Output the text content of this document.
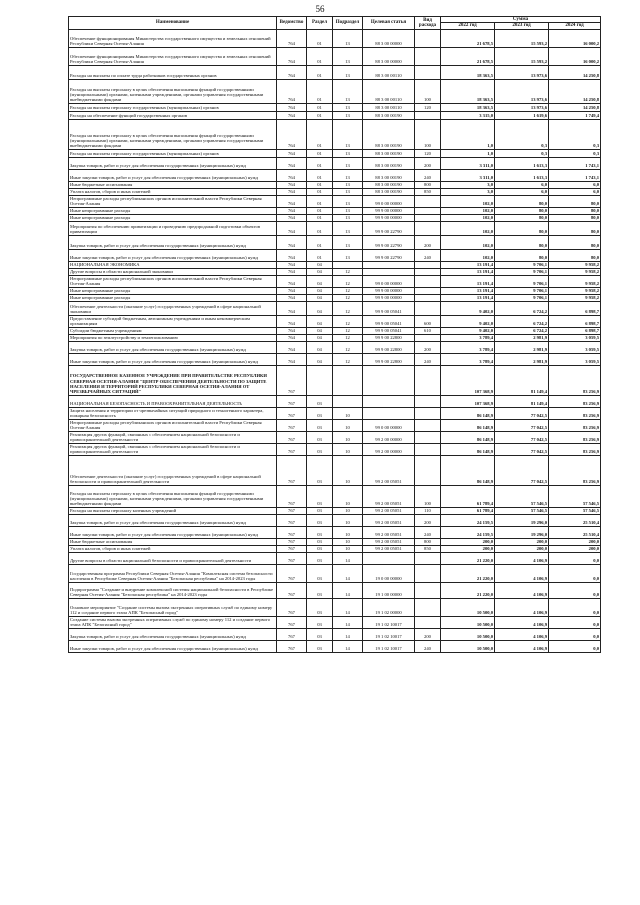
56
Наименование	Ведомство	Раздел	Подраздел	Целевая статья	Вид расхода	Сумма		
						2022 год	2023 год	2024 год
Обеспечение функционирования Министерства государственного имущества и земельных отношений Республики Северная Осетия-Алания	764	01	13	88 3 00 00000		21 678,5	15 593,2	16 000,2
Обеспечение функционирования Министерства государственного имущества и земельных отношений Республики Северная Осетия-Алания	764	01	13	88 3 00 00000		21 678,5	15 593,2	16 000,2
Расходы на выплаты по оплате труда работников государственных органов	764	01	13	88 3 00 00110		18 363,5	13 973,6	14 250,8
Расходы на выплаты персоналу в целях обеспечения выполнения функций государственными (муниципальными) органами, казенными учреждениями, органами управления государственными внебюджетными фондами	764	01	13	88 3 00 00110	100	18 363,5	13 973,6	14 250,8
Расходы на выплаты персоналу государственных (муниципальных) органов	764	01	13	88 3 00 00110	120	18 363,5	13 973,6	14 250,8
Расходы на обеспечение функций государственных органов	764	01	13	88 3 00 00190		3 315,0	1 619,6	1 749,4
Расходы на выплаты персоналу в целях обеспечения выполнения функций государственными (муниципальными) органами, казенными учреждениями, органами управления государственными внебюджетными фондами	764	01	13	88 3 00 00190	100	1,0	0,3	0,3
Расходы на выплаты персоналу государственных (муниципальных) органов	764	01	13	88 3 00 00190	120	1,0	0,3	0,3
Закупка товаров, работ и услуг для обеспечения государственных (муниципальных) нужд	764	01	13	88 3 00 00190	200	3 311,0	1 613,3	1 743,1
Иные закупки товаров, работ и услуг для обеспечения государственных (муниципальных) нужд	764	01	13	88 3 00 00190	240	3 311,0	1 613,3	1 743,1
Иные бюджетные ассигнования	764	01	13	88 3 00 00190	800	3,0	6,0	6,0
Уплата налогов, сборов и иных платежей	764	01	13	88 3 00 00190	850	3,0	6,0	6,0
Непрограммные расходы республиканских органов исполнительной власти Республики Северная Осетия-Алания	764	01	13	99 0 00 00000		102,0	80,0	80,0
Иные непрограммные расходы	764	01	13	99 9 00 00000		102,0	80,0	80,0
Иные непрограммные расходы	764	01	13	99 9 00 00000		102,0	80,0	80,0
Мероприятия по обеспечению приватизации и проведению предпродажной подготовки объектов приватизации	764	01	13	99 9 00 22790		102,0	80,0	80,0
Закупка товаров, работ и услуг для обеспечения государственных (муниципальных) нужд	764	01	13	99 9 00 22790	200	102,0	80,0	80,0
Иные закупки товаров, работ и услуг для обеспечения государственных (муниципальных) нужд	764	01	13	99 9 00 22790	240	102,0	80,0	80,0
НАЦИОНАЛЬНАЯ ЭКОНОМИКА	764	04				13 191,4	9 706,1	9 958,2
Другие вопросы в области национальной экономики	764	04	12			13 191,4	9 706,1	9 958,2
Непрограммные расходы республиканских органов исполнительной власти Республики Северная Осетия-Алания	764	04	12	99 0 00 00000		13 191,4	9 706,1	9 958,2
Иные непрограммные расходы	764	04	12	99 9 00 00000		13 191,4	9 706,1	9 958,2
Иные непрограммные расходы	764	04	12	99 9 00 00000		13 191,4	9 706,1	9 958,2
Обеспечение деятельности (оказание услуг) государственных учреждений в сфере национальной экономики	764	04	12	99 9 00 05041		9 402,0	6 724,2	6 898,7
Предоставление субсидий бюджетным, автономным учреждениям и иным некоммерческим организациям	764	04	12	99 9 00 05041	600	9 402,0	6 724,2	6 898,7
Субсидии бюджетным учреждениям	764	04	12	99 9 00 05041	610	9 402,0	6 724,2	6 898,7
Мероприятия по землеустройству и землепользованию	764	04	12	99 9 00 22800		3 789,4	2 981,9	3 059,5
Закупка товаров, работ и услуг для обеспечения государственных (муниципальных) нужд	764	04	12	99 9 00 22800	200	3 789,4	2 981,9	3 059,5
Иные закупки товаров, работ и услуг для обеспечения государственных (муниципальных) нужд	764	04	12	99 9 00 22800	240	3 789,4	2 981,9	3 059,5
ГОСУДАРСТВЕННОЕ КАЗЕННОЕ УЧРЕЖДЕНИЕ ПРИ ПРАВИТЕЛЬСТВЕ РЕСПУБЛИКИ СЕВЕРНАЯ ОСЕТИЯ-АЛАНИЯ "ЦЕНТР ОБЕСПЕЧЕНИЯ ДЕЯТЕЛЬНОСТИ ПО ЗАЩИТЕ НАСЕЛЕНИЯ И ТЕРРИТОРИЙ РЕСПУБЛИКИ СЕВЕРНАЯ ОСЕТИЯ-АЛАНИЯ ОТ ЧРЕЗВЫЧАЙНЫХ СИТУАЦИЙ"	767					107 368,9	81 149,4	83 256,9
НАЦИОНАЛЬНАЯ БЕЗОПАСНОСТЬ И ПРАВООХРАНИТЕЛЬНАЯ ДЕЯТЕЛЬНОСТЬ	767	03				107 368,9	81 149,4	83 256,9
Защита населения и территории от чрезвычайных ситуаций природного и техногенного характера, пожарная безопасность	767	03	10			86 148,9	77 042,5	83 256,9
Непрограммные расходы республиканских органов исполнительной власти Республики Северная Осетия-Алания	767	03	10	99 0 00 00000		86 148,9	77 042,5	83 256,9
Реализация других функций, связанных с обеспечением национальной безопасности и правоохранительной деятельности	767	03	10	99 2 00 00000		86 148,9	77 042,5	83 256,9
Реализация других функций, связанных с обеспечением национальной безопасности и правоохранительной деятельности	767	03	10	99 2 00 00000		86 148,9	77 042,5	83 256,9
Обеспечение деятельности (оказание услуг) государственных учреждений в сфере национальной безопасности и правоохранительной деятельности	767	03	10	99 2 00 05051		86 148,9	77 042,5	83 256,9
Расходы на выплаты персоналу в целях обеспечения выполнения функций государственными (муниципальными) органами, казенными учреждениями, органами управления государственными внебюджетными фондами	767	03	10	99 2 00 05051	100	61 789,4	57 546,5	57 546,5
Расходы на выплаты персоналу казенных учреждений	767	03	10	99 2 00 05051	110	61 789,4	57 546,5	57 546,5
Закупка товаров, работ и услуг для обеспечения государственных (муниципальных) нужд	767	03	10	99 2 00 05051	200	24 159,5	19 296,0	25 510,4
Иные закупки товаров, работ и услуг для обеспечения государственных (муниципальных) нужд	767	03	10	99 2 00 05051	240	24 159,5	19 296,0	25 510,4
Иные бюджетные ассигнования	767	03	10	99 2 00 05051	800	200,0	200,0	200,0
Уплата налогов, сборов и иных платежей	767	03	10	99 2 00 05051	850	200,0	200,0	200,0
Другие вопросы в области национальной безопасности и правоохранительной деятельности	767	03	14			21 220,0	4 106,9	0,0
Государственная программа Республики Северная Осетия-Алания "Комплексная система безопасности населения в Республике Северная Осетия-Алания "Безопасная республика" на 2014-2023 годы	767	03	14	19 0 00 00000		21 220,0	4 106,9	0,0
Подпрограмма "Создание и внедрение комплексной системы национальной безопасности в Республике Северная Осетия-Алания "Безопасная республика" на 2014-2023 годы	767	03	14	19 1 00 00000		21 220,0	4 106,9	0,0
Основное мероприятие "Создание системы вызова экстренных оперативных служб по единому номеру 112 и создание первого этапа АПК "Безопасный город"	767	03	14	19 1 02 00000		10 500,0	4 106,9	0,0
Создание системы вызова экстренных оперативных служб по единому номеру 112 и создание первого этапа АПК "Безопасный город"	767	03	14	19 1 02 10017		10 500,0	4 106,9	0,0
Закупка товаров, работ и услуг для обеспечения государственных (муниципальных) нужд	767	03	14	19 1 02 10017	200	10 500,0	4 106,9	0,0
Иные закупки товаров, работ и услуг для обеспечения государственных (муниципальных) нужд	767	03	14	19 1 02 10017	240	10 500,0	4 106,9	0,0
